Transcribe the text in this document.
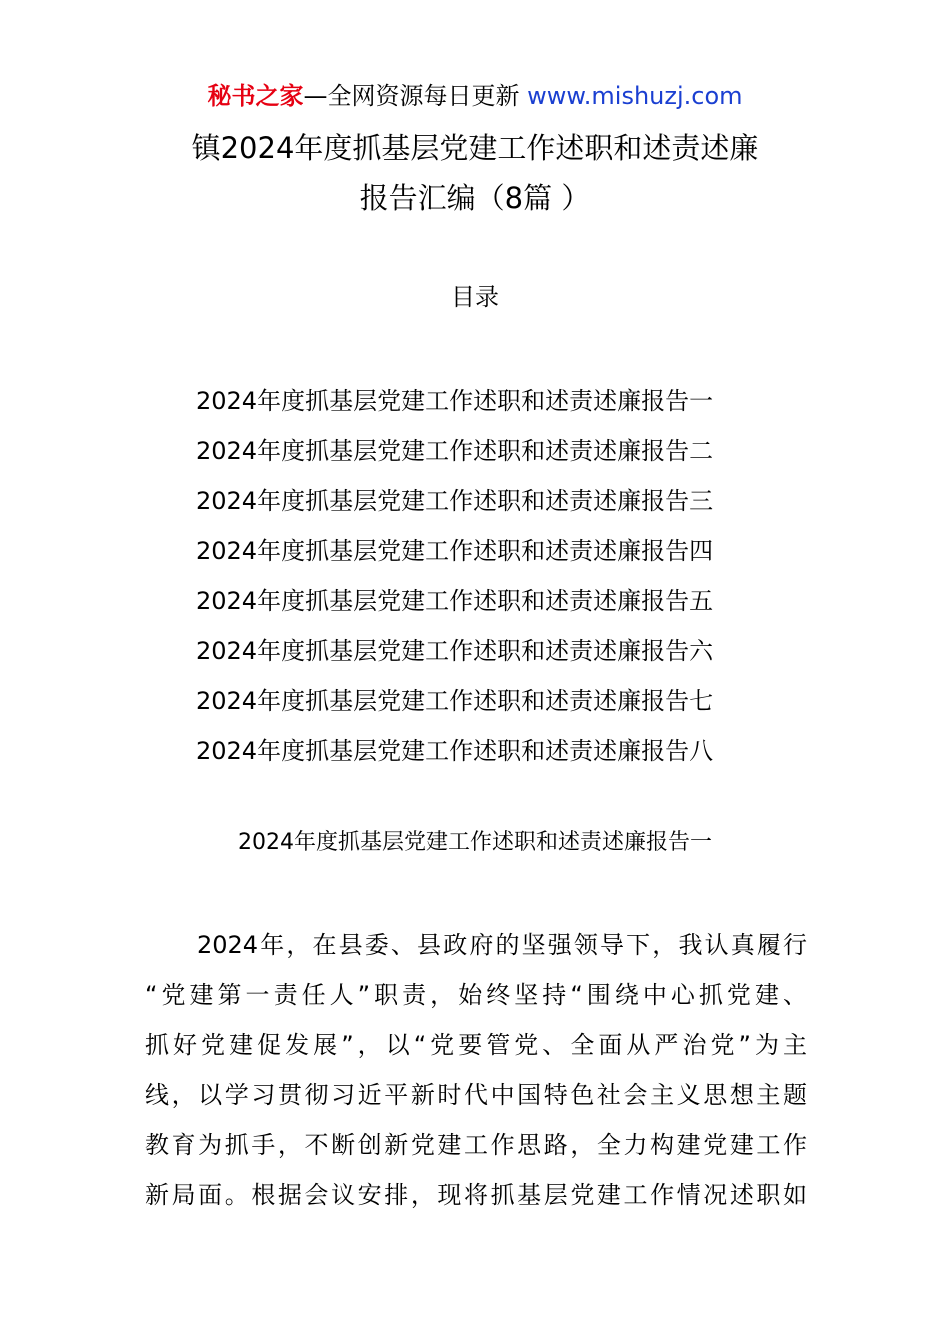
秘书之家—全网资源每日更新 www.mishuzj.com
镇2024年度抓基层党建工作述职和述责述廉
报告汇编（8篇 ）
目录
2024年度抓基层党建工作述职和述责述廉报告一
2024年度抓基层党建工作述职和述责述廉报告二
2024年度抓基层党建工作述职和述责述廉报告三
2024年度抓基层党建工作述职和述责述廉报告四
2024年度抓基层党建工作述职和述责述廉报告五
2024年度抓基层党建工作述职和述责述廉报告六
2024年度抓基层党建工作述职和述责述廉报告七
2024年度抓基层党建工作述职和述责述廉报告八
2024年度抓基层党建工作述职和述责述廉报告一
2024年，在县委、县政府的坚强领导下，我认真履行
“党建第一责任人”职责，始终坚持“围绕中心抓党建、
抓好党建促发展”，以“党要管党、全面从严治党”为主
线，以学习贯彻习近平新时代中国特色社会主义思想主题
教育为抓手，不断创新党建工作思路，全力构建党建工作
新局面。根据会议安排，现将抓基层党建工作情况述职如
